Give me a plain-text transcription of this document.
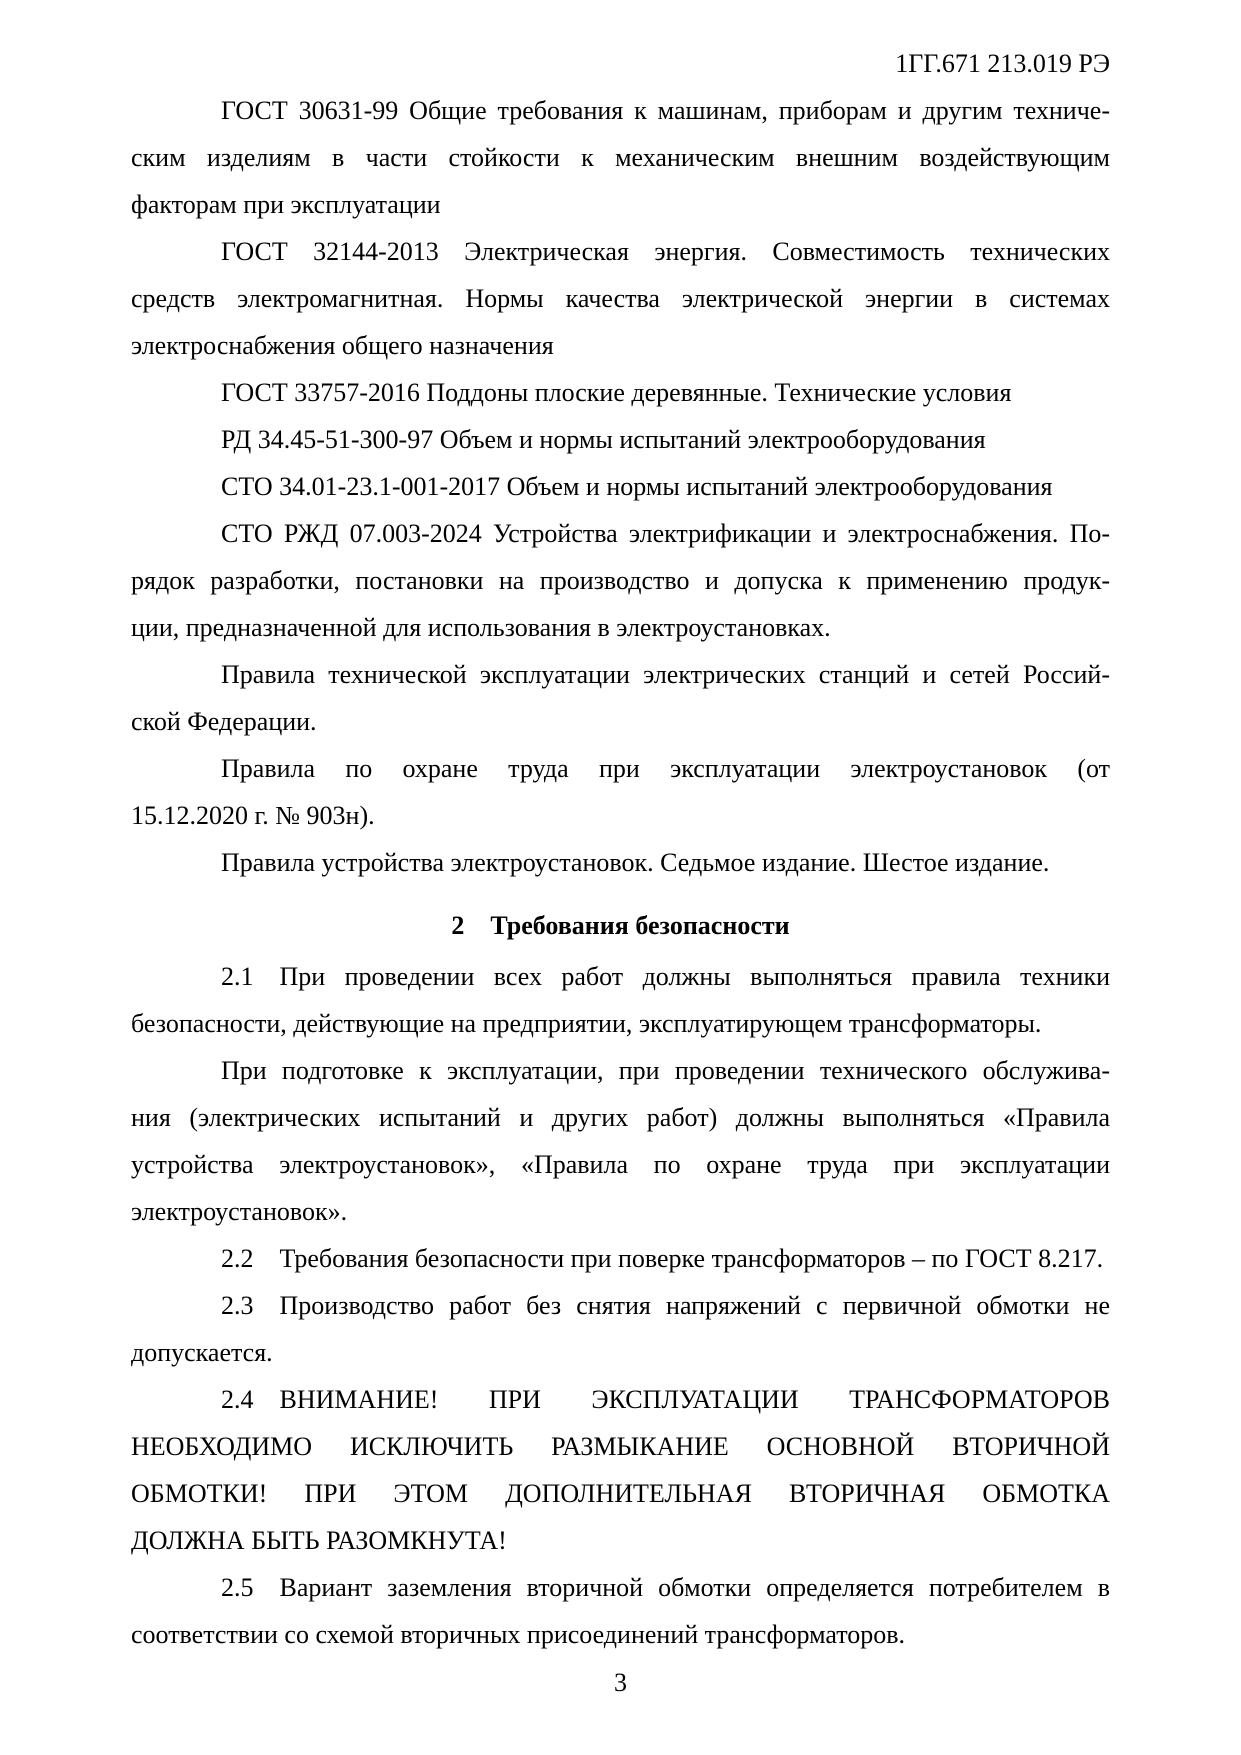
1ГГ.671 213.019 РЭ
ГОСТ 30631-99 Общие требования к машинам, приборам и другим техниче-
ским изделиям в части стойкости к механическим внешним воздействующим
факторам при эксплуатации
ГОСТ 32144-2013 Электрическая энергия. Совместимость технических
средств электромагнитная. Нормы качества электрической энергии в системах
электроснабжения общего назначения
ГОСТ 33757-2016 Поддоны плоские деревянные. Технические условия
РД 34.45-51-300-97 Объем и нормы испытаний электрооборудования
СТО 34.01-23.1-001-2017 Объем и нормы испытаний электрооборудования
СТО РЖД 07.003-2024 Устройства электрификации и электроснабжения. По-
рядок разработки, постановки на производство и допуска к применению продук-
ции, предназначенной для использования в электроустановках.
Правила технической эксплуатации электрических станций и сетей Россий-
ской Федерации.
Правила по охране труда при эксплуатации электроустановок (от
15.12.2020 г. № 903н).
Правила устройства электроустановок. Седьмое издание. Шестое издание.
2 Требования безопасности
2.1 При проведении всех работ должны выполняться правила техники
безопасности, действующие на предприятии, эксплуатирующем трансформаторы.
При подготовке к эксплуатации, при проведении технического обслужива-
ния (электрических испытаний и других работ) должны выполняться «Правила
устройства электроустановок», «Правила по охране труда при эксплуатации
электроустановок».
2.2 Требования безопасности при поверке трансформаторов – по ГОСТ 8.217.
2.3 Производство работ без снятия напряжений с первичной обмотки не
допускается.
2.4 ВНИМАНИЕ! ПРИ ЭКСПЛУАТАЦИИ ТРАНСФОРМАТОРОВ
НЕОБХОДИМО ИСКЛЮЧИТЬ РАЗМЫКАНИЕ ОСНОВНОЙ ВТОРИЧНОЙ
ОБМОТКИ! ПРИ ЭТОМ ДОПОЛНИТЕЛЬНАЯ ВТОРИЧНАЯ ОБМОТКА
ДОЛЖНА БЫТЬ РАЗОМКНУТА!
2.5 Вариант заземления вторичной обмотки определяется потребителем в
соответствии со схемой вторичных присоединений трансформаторов.
3
